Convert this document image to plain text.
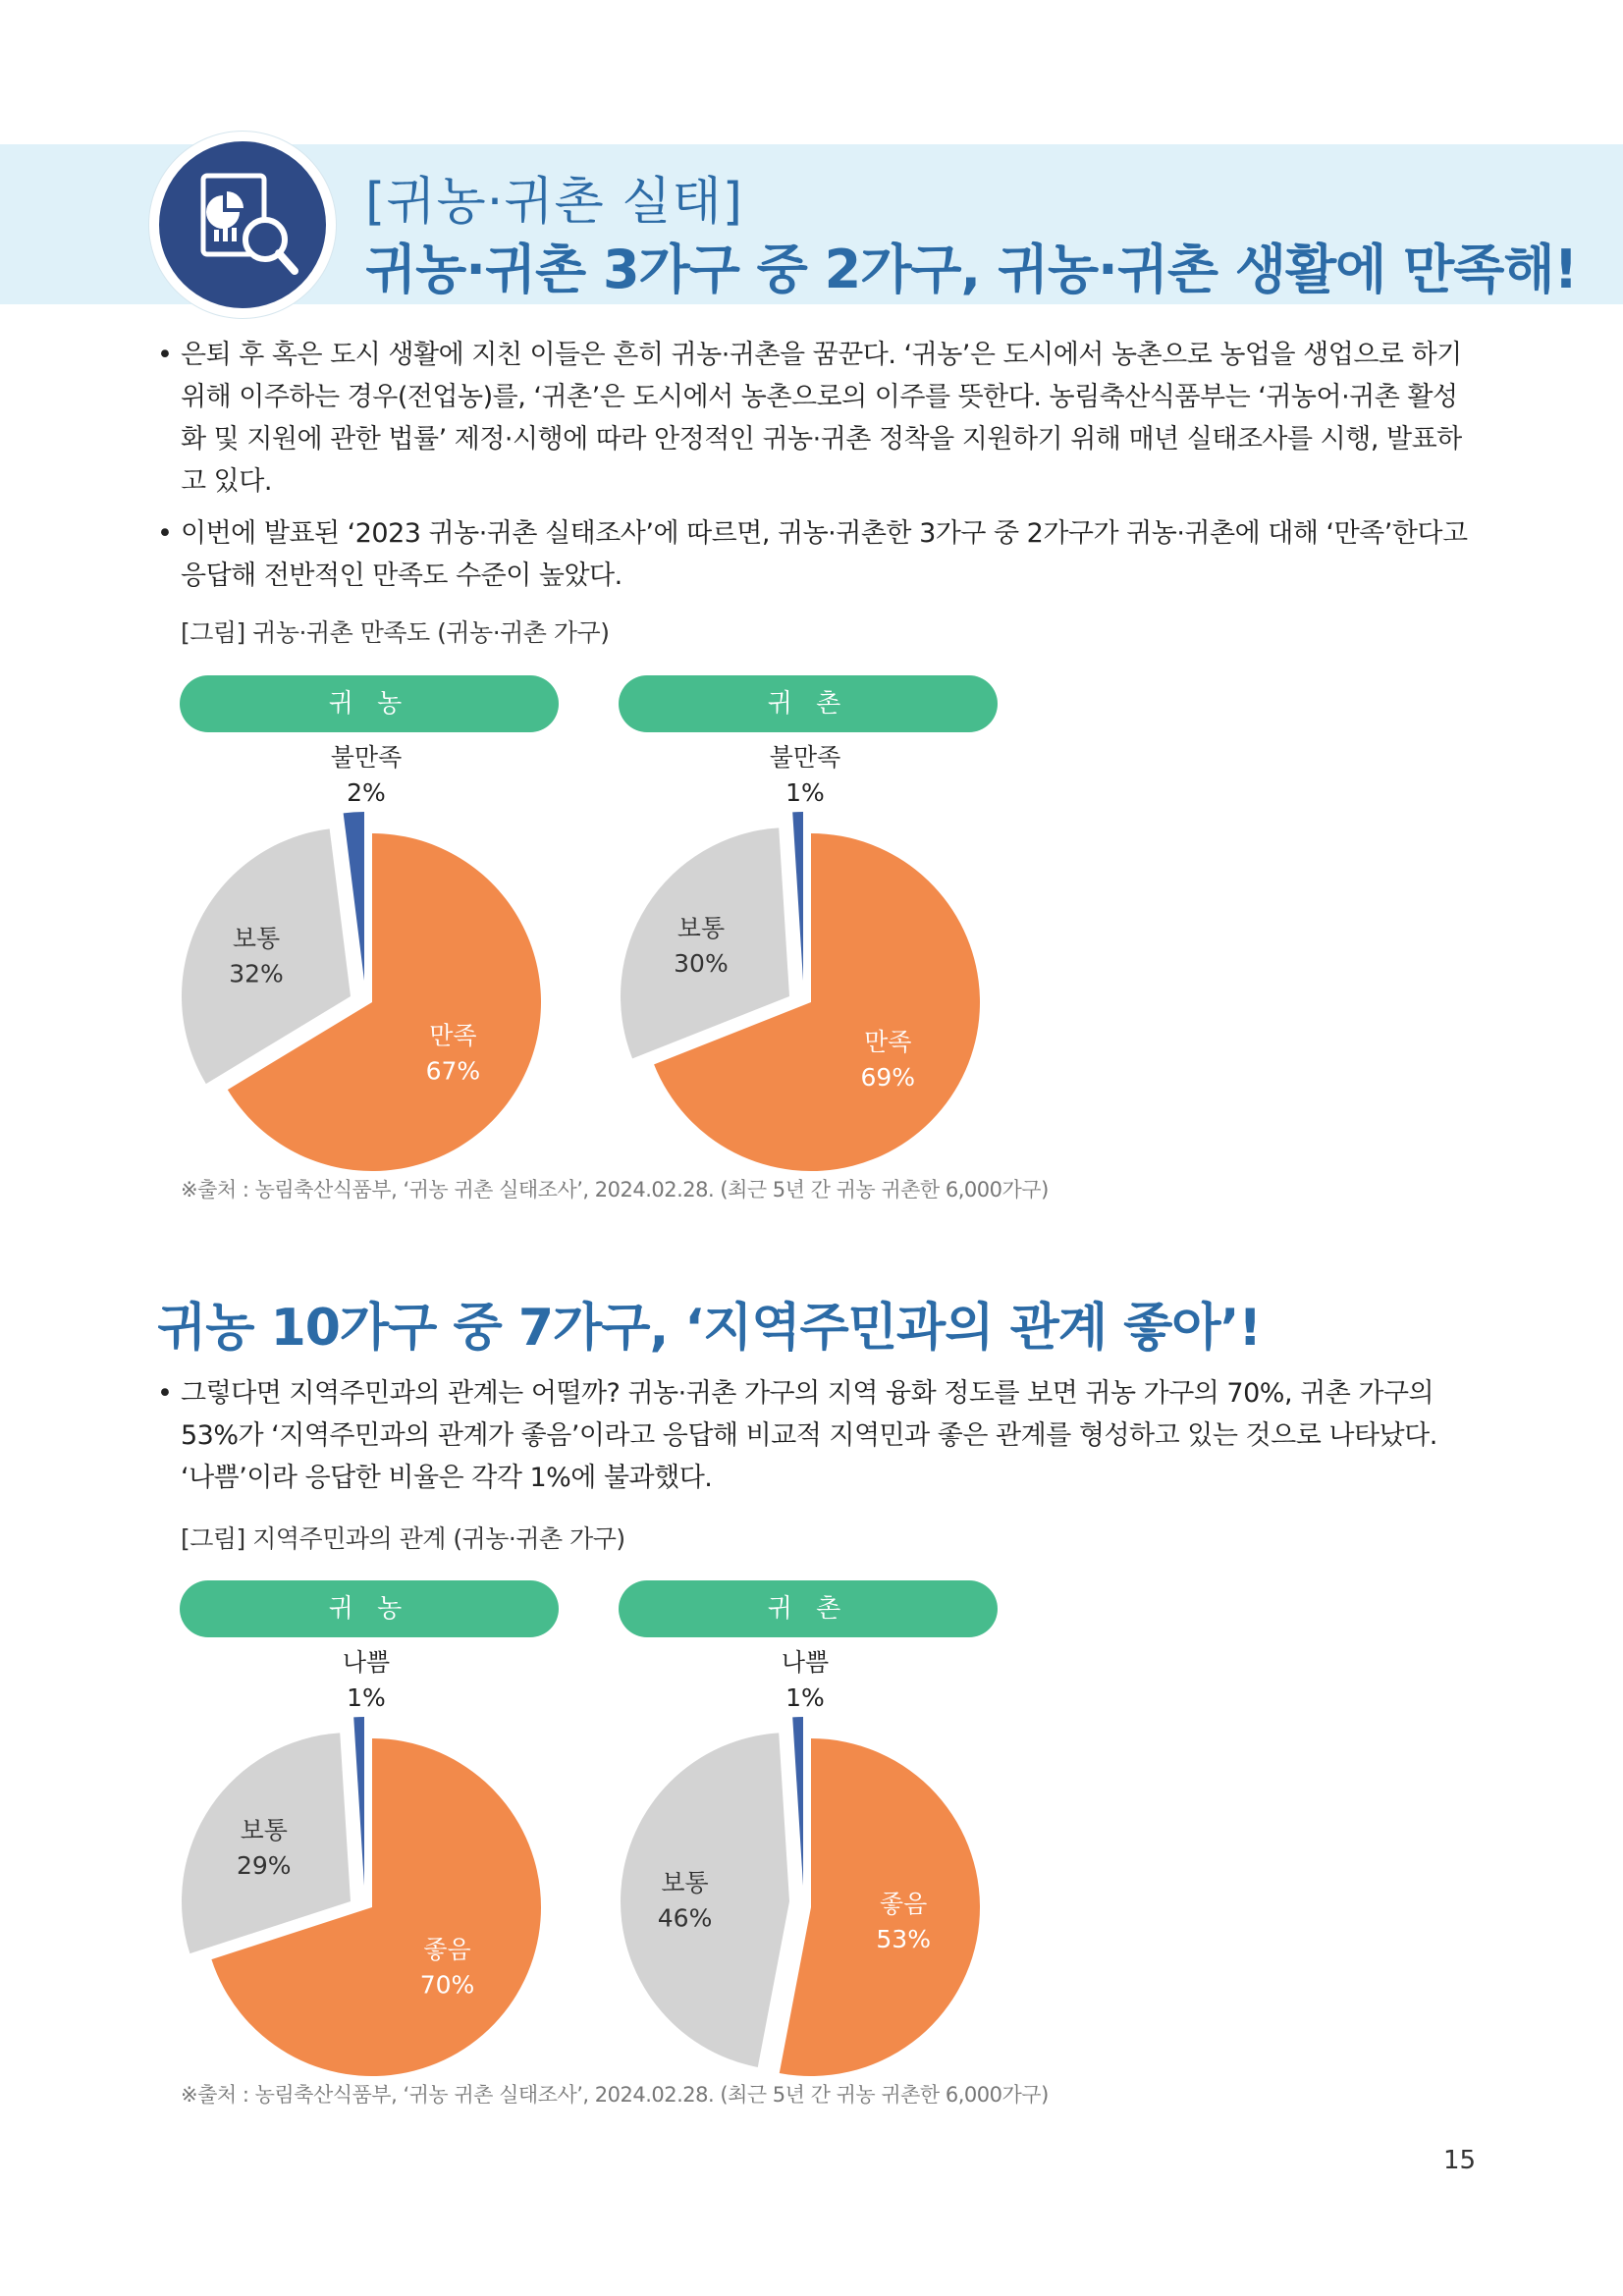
[귀농·귀촌 실태]
귀농·귀촌 3가구 중 2가구, 귀농·귀촌 생활에 만족해!
• 은퇴 후 혹은 도시 생활에 지친 이들은 흔히 귀농·귀촌을 꿈꾼다. ‘귀농’은 도시에서 농촌으로 농업을 생업으로 하기 위해 이주하는 경우(전업농)를, ‘귀촌’은 도시에서 농촌으로의 이주를 뜻한다. 농림축산식품부는 ‘귀농어·귀촌 활성화 및 지원에 관한 법률’ 제정·시행에 따라 안정적인 귀농·귀촌 정착을 지원하기 위해 매년 실태조사를 시행, 발표하고 있다.
• 이번에 발표된 ‘2023 귀농·귀촌 실태조사’에 따르면, 귀농·귀촌한 3가구 중 2가구가 귀농·귀촌에 대해 ‘만족’한다고 응답해 전반적인 만족도 수준이 높았다.
[그림] 귀농·귀촌 만족도 (귀농·귀촌 가구)
귀 농	귀 촌
만족
67%
보통
32%
불만족
2%
만족
69%
보통
30%
불만족
1%
※출처 : 농림축산식품부, ‘귀농 귀촌 실태조사’, 2024.02.28. (최근 5년 간 귀농 귀촌한 6,000가구)
귀농 10가구 중 7가구, ‘지역주민과의 관계 좋아’!
• 그렇다면 지역주민과의 관계는 어떨까? 귀농·귀촌 가구의 지역 융화 정도를 보면 귀농 가구의 70%, 귀촌 가구의 53%가 ‘지역주민과의 관계가 좋음’이라고 응답해 비교적 지역민과 좋은 관계를 형성하고 있는 것으로 나타났다. ‘나쁨’이라 응답한 비율은 각각 1%에 불과했다.
[그림] 지역주민과의 관계 (귀농·귀촌 가구)
귀 농	귀 촌
좋음
70%
보통
29%
나쁨
1%
좋음
53%
보통
46%
나쁨
1%
※출처 : 농림축산식품부, ‘귀농 귀촌 실태조사’, 2024.02.28. (최근 5년 간 귀농 귀촌한 6,000가구)
15
